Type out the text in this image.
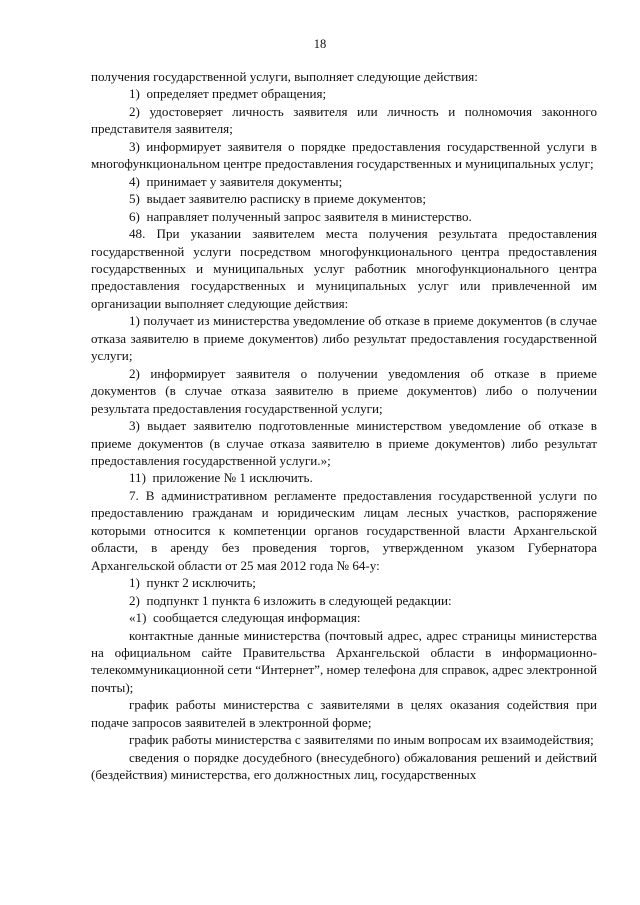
18

получения государственной услуги, выполняет следующие действия:

1)  определяет предмет обращения;

2) удостоверяет личность заявителя или личность и полномочия законного представителя заявителя;

3) информирует заявителя о порядке предоставления государственной услуги в многофункциональном центре предоставления государственных и муниципальных услуг;

4)  принимает у заявителя документы;

5)  выдает заявителю расписку в приеме документов;

6)  направляет полученный запрос заявителя в министерство.

48. При указании заявителем места получения результата предоставления государственной услуги посредством многофункционального центра предоставления государственных и муниципальных услуг работник многофункционального центра предоставления государственных и муниципальных услуг или привлеченной им организации выполняет следующие действия:

1) получает из министерства уведомление об отказе в приеме документов (в случае отказа заявителю в приеме документов) либо результат предоставления государственной услуги;

2) информирует заявителя о получении уведомления об отказе в приеме документов (в случае отказа заявителю в приеме документов) либо о получении результата предоставления государственной услуги;

3) выдает заявителю подготовленные министерством уведомление об отказе в приеме документов (в случае отказа заявителю в приеме документов) либо результат предоставления государственной услуги.»;

11)  приложение № 1 исключить.

7. В административном регламенте предоставления государственной услуги по предоставлению гражданам и юридическим лицам лесных участков, распоряжение которыми относится к компетенции органов государственной власти Архангельской области, в аренду без проведения торгов, утвержденном указом Губернатора Архангельской области от 25 мая 2012 года № 64-у:

1)  пункт 2 исключить;

2)  подпункт 1 пункта 6 изложить в следующей редакции:

«1)  сообщается следующая информация:

контактные данные министерства (почтовый адрес, адрес страницы министерства на официальном сайте Правительства Архангельской области в информационно-телекоммуникационной сети “Интернет”, номер телефона для справок, адрес электронной почты);

график работы министерства с заявителями в целях оказания содействия при подаче запросов заявителей в электронной форме;

график работы министерства с заявителями по иным вопросам их взаимодействия;

сведения о порядке досудебного (внесудебного) обжалования решений и действий (бездействия) министерства, его должностных лиц, государственных
